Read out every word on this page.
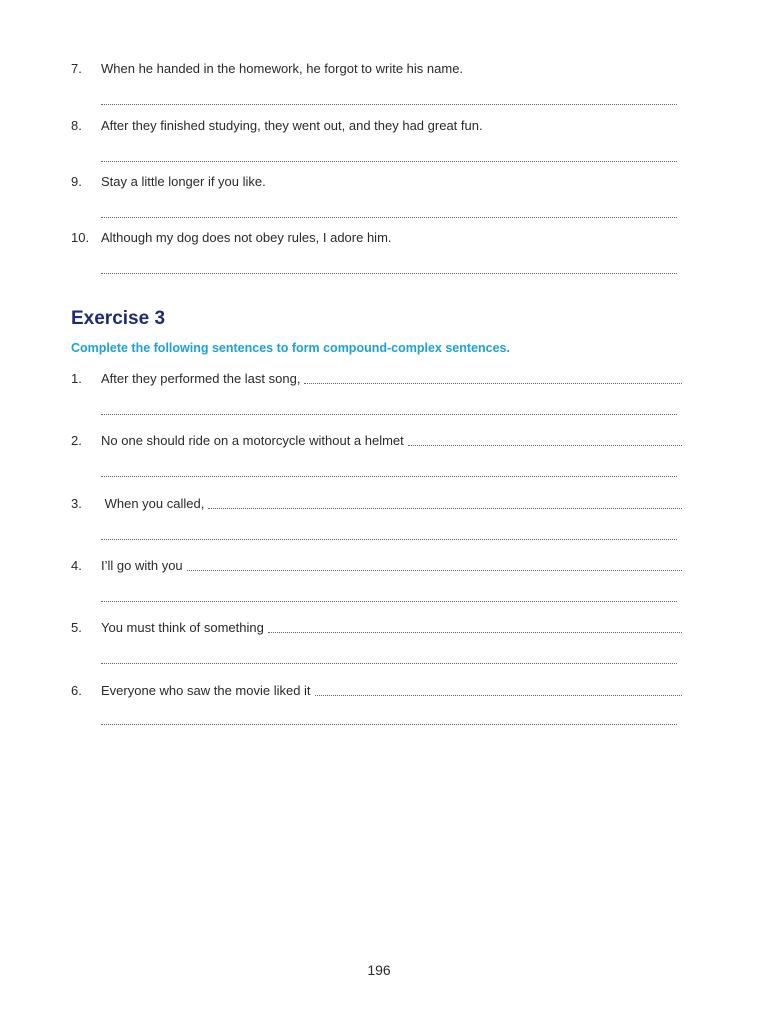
7.	When he handed in the homework, he forgot to write his name.
8.	After they finished studying, they went out, and they had great fun.
9.	Stay a little longer if you like.
10. Although my dog does not obey rules, I adore him.
Exercise 3
Complete the following sentences to form compound-complex sentences.
1.	After they performed the last song,
2.	No one should ride on a motorcycle without a helmet
3.	When you called,
4.	I’ll go with you
5.	You must think of something
6.	Everyone who saw the movie liked it
196
